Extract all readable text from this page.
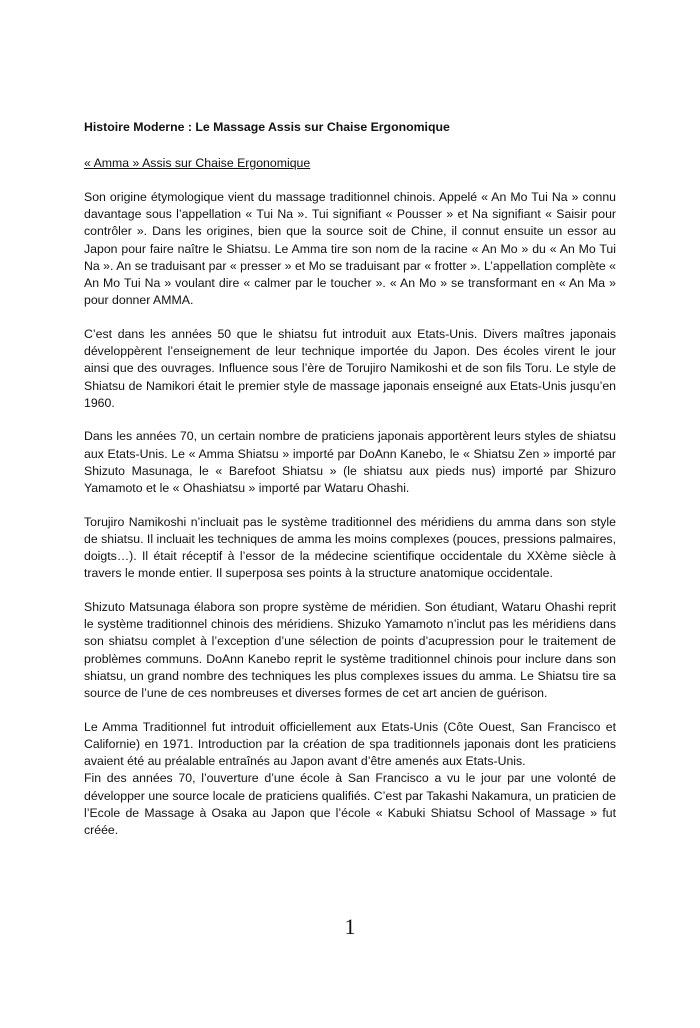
Histoire Moderne : Le Massage Assis sur Chaise Ergonomique
« Amma » Assis sur Chaise Ergonomique

Son origine étymologique vient du massage traditionnel chinois. Appelé « An Mo Tui Na » connu davantage sous l’appellation « Tui Na ». Tui signifiant « Pousser » et Na signifiant « Saisir pour contrôler ». Dans les origines, bien que la source soit de Chine, il connut ensuite un essor au Japon pour faire naître le Shiatsu. Le Amma tire son nom de la racine « An Mo » du « An Mo Tui Na ». An se traduisant par « presser » et Mo se traduisant par « frotter ». L’appellation complète « An Mo Tui Na » voulant dire « calmer par le toucher ». « An Mo » se transformant en « An Ma » pour donner AMMA.

C’est dans les années 50 que le shiatsu fut introduit aux Etats-Unis. Divers maîtres japonais développèrent l’enseignement de leur technique importée du Japon. Des écoles virent le jour ainsi que des ouvrages. Influence sous l’ère de Torujiro Namikoshi et de son fils Toru. Le style de Shiatsu de Namikori était le premier style de massage japonais enseigné aux Etats-Unis jusqu’en 1960.

Dans les années 70, un certain nombre de praticiens japonais apportèrent leurs styles de shiatsu aux Etats-Unis. Le « Amma Shiatsu » importé par DoAnn Kanebo, le « Shiatsu Zen » importé par Shizuto Masunaga, le « Barefoot Shiatsu » (le shiatsu aux pieds nus) importé par Shizuro Yamamoto et le « Ohashiatsu » importé par Wataru Ohashi.

Torujiro Namikoshi n’incluait pas le système traditionnel des méridiens du amma dans son style de shiatsu. Il incluait les techniques de amma les moins complexes (pouces, pressions palmaires, doigts…). Il était réceptif à l’essor de la médecine scientifique occidentale du XXème siècle à travers le monde entier. Il superposa ses points à la structure anatomique occidentale.

Shizuto Matsunaga élabora son propre système de méridien. Son étudiant, Wataru Ohashi reprit le système traditionnel chinois des méridiens. Shizuko Yamamoto n’inclut pas les méridiens dans son shiatsu complet à l’exception d’une sélection de points d’acupression pour le traitement de problèmes communs. DoAnn Kanebo reprit le système traditionnel chinois pour inclure dans son shiatsu, un grand nombre des techniques les plus complexes issues du amma. Le Shiatsu tire sa source de l’une de ces nombreuses et diverses formes de cet art ancien de guérison.

Le Amma Traditionnel fut introduit officiellement aux Etats-Unis (Côte Ouest, San Francisco et Californie) en 1971. Introduction par la création de spa traditionnels japonais dont les praticiens avaient été au préalable entraînés au Japon avant d’être amenés aux Etats-Unis.

Fin des années 70, l’ouverture d’une école à San Francisco a vu le jour par une volonté de développer une source locale de praticiens qualifiés. C’est par Takashi Nakamura, un praticien de l’Ecole de Massage à Osaka au Japon que l’école « Kabuki Shiatsu School of Massage » fut créée.

1
